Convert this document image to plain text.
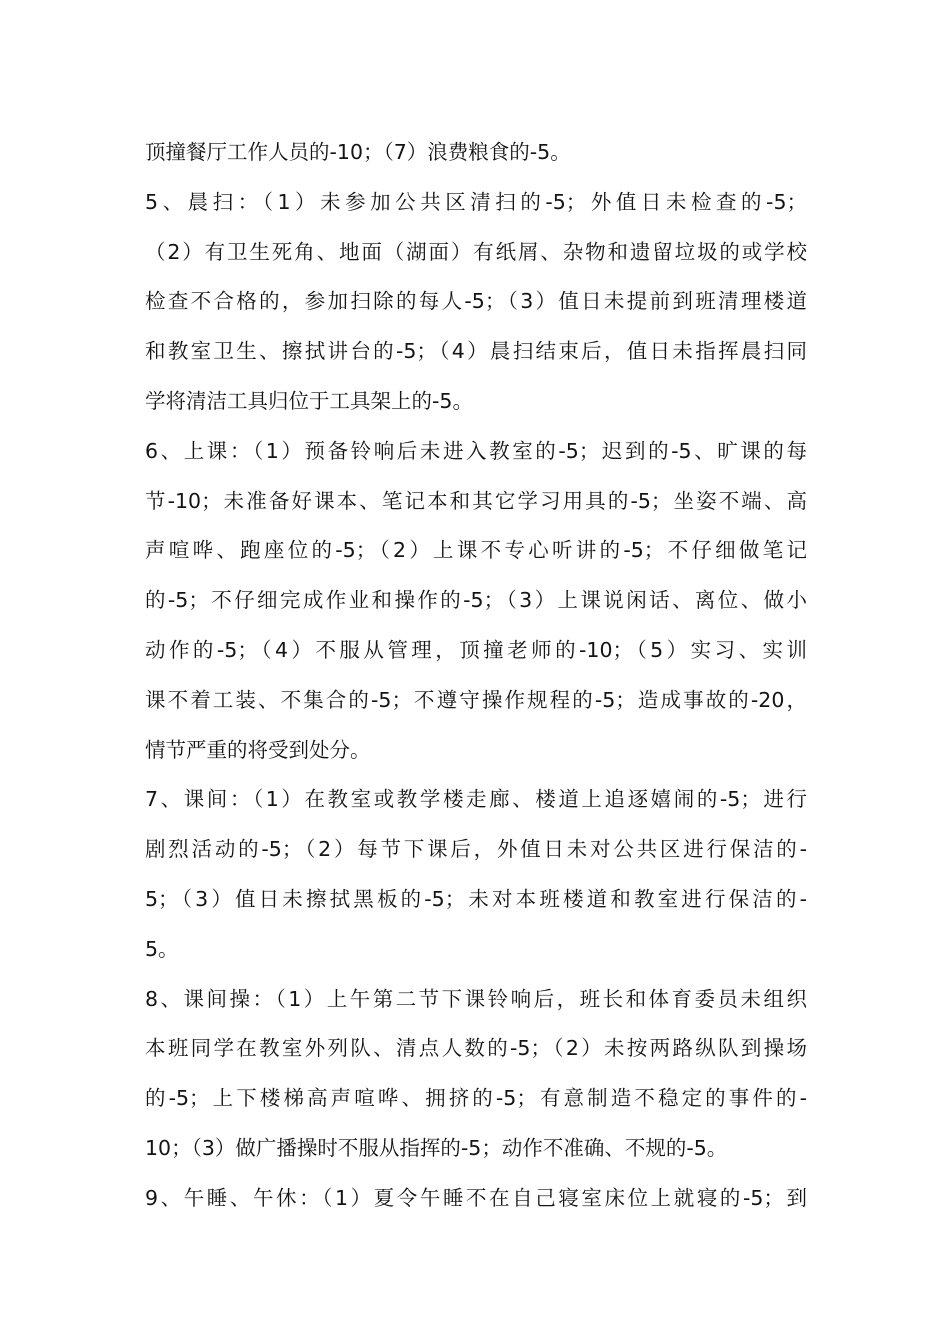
顶撞餐厅工作人员的-10；（7）浪费粮食的-5。
5、晨扫：（1）未参加公共区清扫的-5；外值日未检查的-5；
（2）有卫生死角、地面（湖面）有纸屑、杂物和遗留垃圾的或学校
检查不合格的，参加扫除的每人-5；（3）值日未提前到班清理楼道
和教室卫生、擦拭讲台的-5；（4）晨扫结束后，值日未指挥晨扫同
学将清洁工具归位于工具架上的-5。
6、上课：（1）预备铃响后未进入教室的-5；迟到的-5、旷课的每
节-10；未准备好课本、笔记本和其它学习用具的-5；坐姿不端、高
声喧哗、跑座位的-5；（2）上课不专心听讲的-5；不仔细做笔记
的-5；不仔细完成作业和操作的-5；（3）上课说闲话、离位、做小
动作的-5；（4）不服从管理，顶撞老师的-10；（5）实习、实训
课不着工装、不集合的-5；不遵守操作规程的-5；造成事故的-20，
情节严重的将受到处分。
7、课间：（1）在教室或教学楼走廊、楼道上追逐嬉闹的-5；进行
剧烈活动的-5；（2）每节下课后，外值日未对公共区进行保洁的-
5；（3）值日未擦拭黑板的-5；未对本班楼道和教室进行保洁的-
5。
8、课间操：（1）上午第二节下课铃响后，班长和体育委员未组织
本班同学在教室外列队、清点人数的-5；（2）未按两路纵队到操场
的-5；上下楼梯高声喧哗、拥挤的-5；有意制造不稳定的事件的-
10；（3）做广播操时不服从指挥的-5；动作不准确、不规的-5。
9、午睡、午休：（1）夏令午睡不在自己寝室床位上就寝的-5；到
